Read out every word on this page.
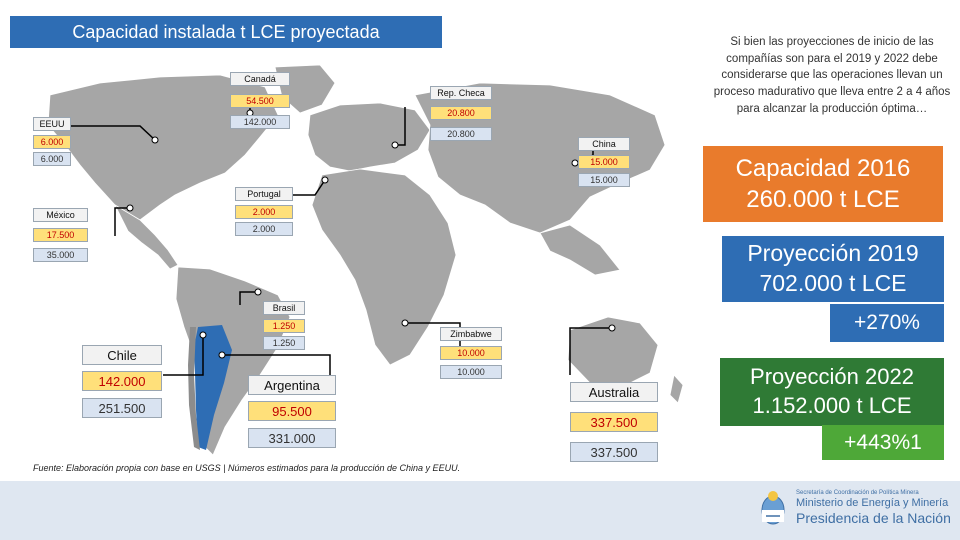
Capacidad instalada t LCE proyectada
Canadá
54.500
142.000
EEUU
6.000
6.000
Rep. Checa
20.800
20.800
China
15.000
15.000
Portugal
2.000
2.000
México
17.500
35.000
Brasil
1.250
1.250
Zimbabwe
10.000
10.000
Chile
142.000
251.500
Argentina
95.500
331.000
Australia
337.500
337.500
Fuente: Elaboración propia con base en USGS | Números estimados para la producción de China y EEUU.
Si bien las proyecciones de inicio de las compañías son para el 2019 y 2022 debe considerarse que las operaciones llevan un proceso madurativo que lleva entre 2 a 4 años para alcanzar la producción óptima…
Capacidad 2016
260.000 t LCE
Proyección 2019
702.000 t LCE
+270%
Proyección 2022
1.152.000 t LCE
+443%1
Secretaría de Coordinación de Política Minera
Ministerio de Energía y Minería
Presidencia de la Nación
